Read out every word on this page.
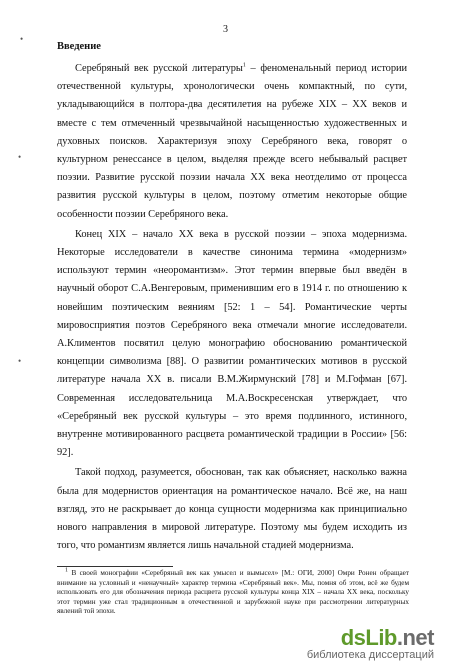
3
•
•
•
Введение

Серебряный век русской литературы$^1$ – феноменальный период истории отечественной культуры, хронологически очень компактный, по сути, укладывающийся в полтора-два десятилетия на рубеже XIX – XX веков и вместе с тем отмеченный чрезвычайной насыщенностью художественных и духовных поисков. Характеризуя эпоху Серебряного века, говорят о культурном ренессансе в целом, выделяя прежде всего небывалый расцвет поэзии. Развитие русской поэзии начала XX века неотделимо от процесса развития русской культуры в целом, поэтому отметим некоторые общие особенности поэзии Серебряного века.

Конец XIX – начало XX века в русской поэзии – эпоха модернизма. Некоторые исследователи в качестве синонима термина «модернизм» используют термин «неоромантизм». Этот термин впервые был введён в научный оборот С.А.Венгеровым, применившим его в 1914 г. по отношению к новейшим поэтическим веяниям [52: 1 – 54]. Романтические черты мировосприятия поэтов Серебряного века отмечали многие исследователи. А.Климентов посвятил целую монографию обоснованию романтической концепции символизма [88]. О развитии романтических мотивов в русской литературе начала XX в. писали В.М.Жирмунский [78] и М.Гофман [67]. Современная исследовательница М.А.Воскресенская утверждает, что «Серебряный век русской культуры – это время подлинного, истинного, внутренне мотивированного расцвета романтической традиции в России» [56: 92].

Такой подход, разумеется, обоснован, так как объясняет, насколько важна была для модернистов ориентация на романтическое начало. Всё же, на наш взгляд, это не раскрывает до конца сущности модернизма как принципиально нового направления в мировой литературе. Поэтому мы будем исходить из того, что романтизм является лишь начальной стадией модернизма.

$^1$ В своей монографии «Серебряный век как умысел и вымысел» [М.: ОГИ, 2000] Омри Ронен обращает внимание на условный и «ненаучный» характер термина «Серебряный век». Мы, помня об этом, всё же будем использовать его для обозначения периода расцвета русской культуры конца XIX – начала XX века, поскольку этот термин уже стал традиционным в отечественной и зарубежной науке при рассмотрении литературных явлений той эпохи.
dsLib.net
библиотека диссертаций
